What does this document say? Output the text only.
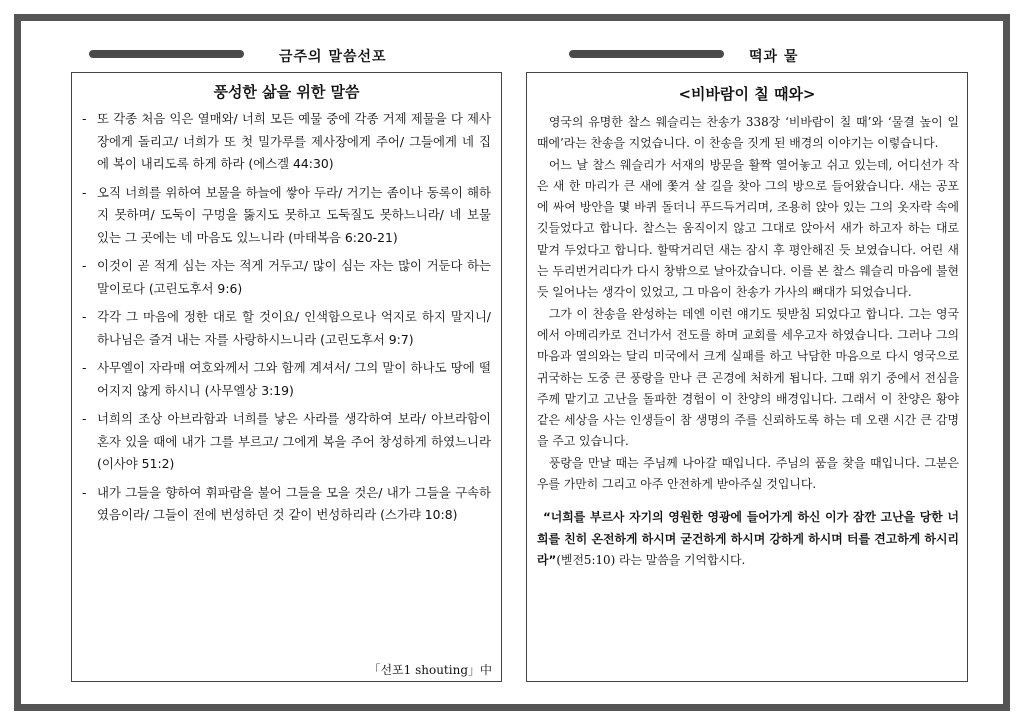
금주의 말씀선포	떡과 물
풍성한 삶을 위한 말씀
- 또 각종 처음 익은 열매와/ 너희 모든 예물 중에 각종 거제 제물을 다 제사장에게 돌리고/ 너희가 또 첫 밀가루를 제사장에게 주어/ 그들에게 네 집에 복이 내리도록 하게 하라 (에스겔 44:30)
- 오직 너희를 위하여 보물을 하늘에 쌓아 두라/ 거기는 좀이나 동록이 해하지 못하며/ 도둑이 구멍을 뚫지도 못하고 도둑질도 못하느니라/ 네 보물 있는 그 곳에는 네 마음도 있느니라 (마태복음 6:20-21)
- 이것이 곧 적게 심는 자는 적게 거두고/ 많이 심는 자는 많이 거둔다 하는 말이로다 (고린도후서 9:6)
- 각각 그 마음에 정한 대로 할 것이요/ 인색함으로나 억지로 하지 말지니/ 하나님은 즐겨 내는 자를 사랑하시느니라 (고린도후서 9:7)
- 사무엘이 자라매 여호와께서 그와 함께 계셔서/ 그의 말이 하나도 땅에 떨어지지 않게 하시니 (사무엘상 3:19)
- 너희의 조상 아브라함과 너희를 낳은 사라를 생각하여 보라/ 아브라함이 혼자 있을 때에 내가 그를 부르고/ 그에게 복을 주어 창성하게 하였느니라 (이사야 51:2)
- 내가 그들을 향하여 휘파람을 불어 그들을 모을 것은/ 내가 그들을 구속하였음이라/ 그들이 전에 번성하던 것 같이 번성하리라 (스가랴 10:8)
「선포1 shouting」中
<비바람이 칠 때와>

영국의 유명한 찰스 웨슬리는 찬송가 338장 ‘비바람이 칠 때’와 ‘물결 높이 일 때에’라는 찬송을 지었습니다. 이 찬송을 짓게 된 배경의 이야기는 이렇습니다.

어느 날 찰스 웨슬리가 서재의 방문을 활짝 열어놓고 쉬고 있는데, 어디선가 작은 새 한 마리가 큰 새에 쫓겨 살 길을 찾아 그의 방으로 들어왔습니다. 새는 공포에 싸여 방안을 몇 바퀴 돌더니 푸드득거리며, 조용히 앉아 있는 그의 옷자락 속에 깃들었다고 합니다. 찰스는 움직이지 않고 그대로 앉아서 새가 하고자 하는 대로 맡겨 두었다고 합니다. 할딱거리던 새는 잠시 후 평안해진 듯 보였습니다. 어린 새는 두리번거리다가 다시 창밖으로 날아갔습니다. 이를 본 찰스 웨슬리 마음에 불현듯 일어나는 생각이 있었고, 그 마음이 찬송가 가사의 뼈대가 되었습니다.

그가 이 찬송을 완성하는 데엔 이런 얘기도 뒷받침 되었다고 합니다. 그는 영국에서 아메리카로 건너가서 전도를 하며 교회를 세우고자 하였습니다. 그러나 그의 마음과 열의와는 달리 미국에서 크게 실패를 하고 낙담한 마음으로 다시 영국으로 귀국하는 도중 큰 풍랑을 만나 큰 곤경에 처하게 됩니다. 그때 위기 중에서 전심을 주께 맡기고 고난을 돌파한 경험이 이 찬양의 배경입니다. 그래서 이 찬양은 황야 같은 세상을 사는 인생들이 참 생명의 주를 신뢰하도록 하는 데 오랜 시간 큰 감명을 주고 있습니다.

풍랑을 만날 때는 주님께 나아갈 때입니다. 주님의 품을 찾을 때입니다. 그분은 우를 가만히 그리고 아주 안전하게 받아주실 것입니다.

“너희를 부르사 자기의 영원한 영광에 들어가게 하신 이가 잠깐 고난을 당한 너희를 친히 온전하게 하시며 굳건하게 하시며 강하게 하시며 터를 견고하게 하시리라”(벧전5:10) 라는 말씀을 기억합시다.
